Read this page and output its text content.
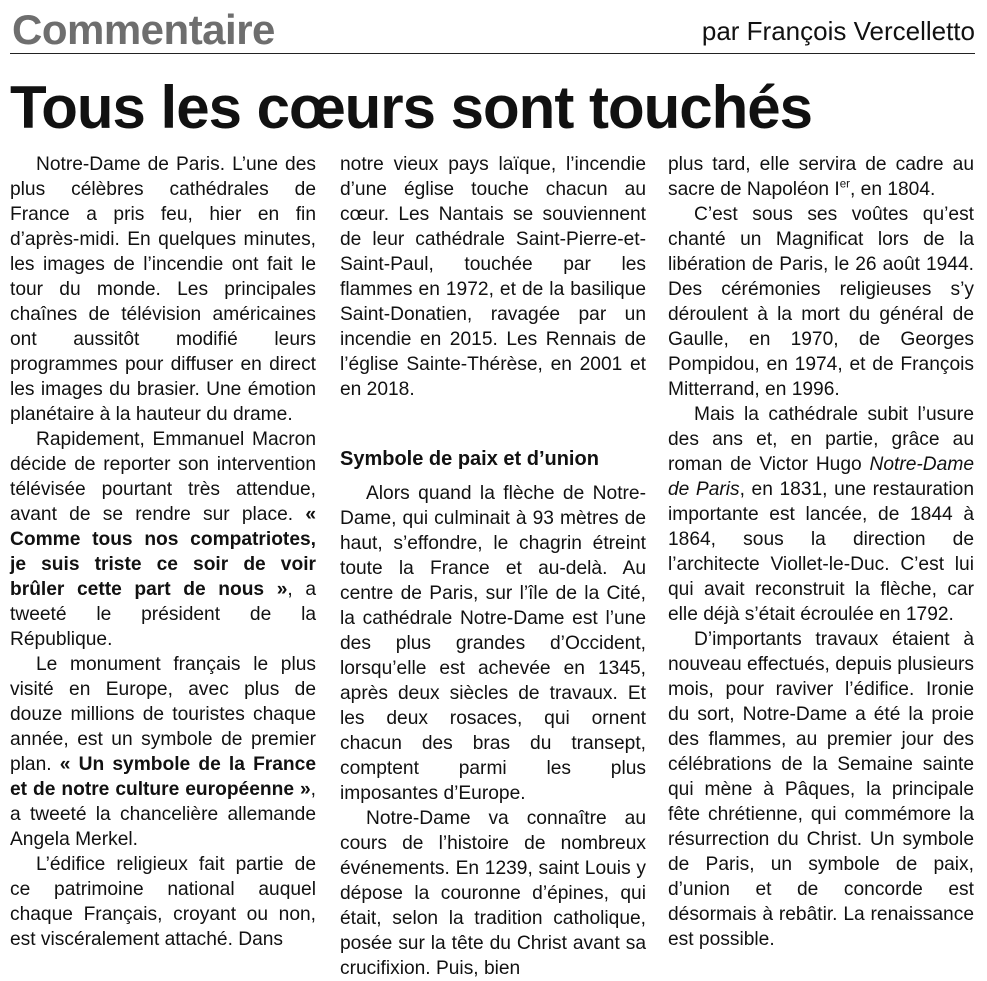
Commentaire	par François Vercelletto
Tous les cœurs sont touchés

Notre-Dame de Paris. L’une des plus célèbres cathédrales de France a pris feu, hier en fin d’après-midi. En quelques minutes, les images de l’incendie ont fait le tour du monde. Les principales chaînes de télévision américaines ont aussitôt modifié leurs programmes pour diffuser en direct les images du brasier. Une émotion planétaire à la hauteur du drame.

Rapidement, Emmanuel Macron décide de reporter son intervention télévisée pourtant très attendue, avant de se rendre sur place. « Comme tous nos compatriotes, je suis triste ce soir de voir brûler cette part de nous », a tweeté le président de la République.

Le monument français le plus visité en Europe, avec plus de douze millions de touristes chaque année, est un symbole de premier plan. « Un symbole de la France et de notre culture européenne », a tweeté la chancelière allemande Angela Merkel.

L’édifice religieux fait partie de ce patrimoine national auquel chaque Français, croyant ou non, est viscéralement attaché. Dans

notre vieux pays laïque, l’incendie d’une église touche chacun au cœur. Les Nantais se souviennent de leur cathédrale Saint-Pierre-et-Saint-Paul, touchée par les flammes en 1972, et de la basilique Saint-Donatien, ravagée par un incendie en 2015. Les Rennais de l’église Sainte-Thérèse, en 2001 et en 2018.

Symbole de paix et d’union

Alors quand la flèche de Notre-Dame, qui culminait à 93 mètres de haut, s’effondre, le chagrin étreint toute la France et au-delà. Au centre de Paris, sur l’île de la Cité, la cathédrale Notre-Dame est l’une des plus grandes d’Occident, lorsqu’elle est achevée en 1345, après deux siècles de travaux. Et les deux rosaces, qui ornent chacun des bras du transept, comptent parmi les plus imposantes d’Europe.

Notre-Dame va connaître au cours de l’histoire de nombreux événements. En 1239, saint Louis y dépose la couronne d’épines, qui était, selon la tradition catholique, posée sur la tête du Christ avant sa crucifixion. Puis, bien

plus tard, elle servira de cadre au sacre de Napoléon Ier, en 1804.

C’est sous ses voûtes qu’est chanté un Magnificat lors de la libération de Paris, le 26 août 1944. Des cérémonies religieuses s’y déroulent à la mort du général de Gaulle, en 1970, de Georges Pompidou, en 1974, et de François Mitterrand, en 1996.

Mais la cathédrale subit l’usure des ans et, en partie, grâce au roman de Victor Hugo Notre-Dame de Paris, en 1831, une restauration importante est lancée, de 1844 à 1864, sous la direction de l’architecte Viollet-le-Duc. C’est lui qui avait reconstruit la flèche, car elle déjà s’était écroulée en 1792.

D’importants travaux étaient à nouveau effectués, depuis plusieurs mois, pour raviver l’édifice. Ironie du sort, Notre-Dame a été la proie des flammes, au premier jour des célébrations de la Semaine sainte qui mène à Pâques, la principale fête chrétienne, qui commémore la résurrection du Christ. Un symbole de Paris, un symbole de paix, d’union et de concorde est désormais à rebâtir. La renaissance est possible.
